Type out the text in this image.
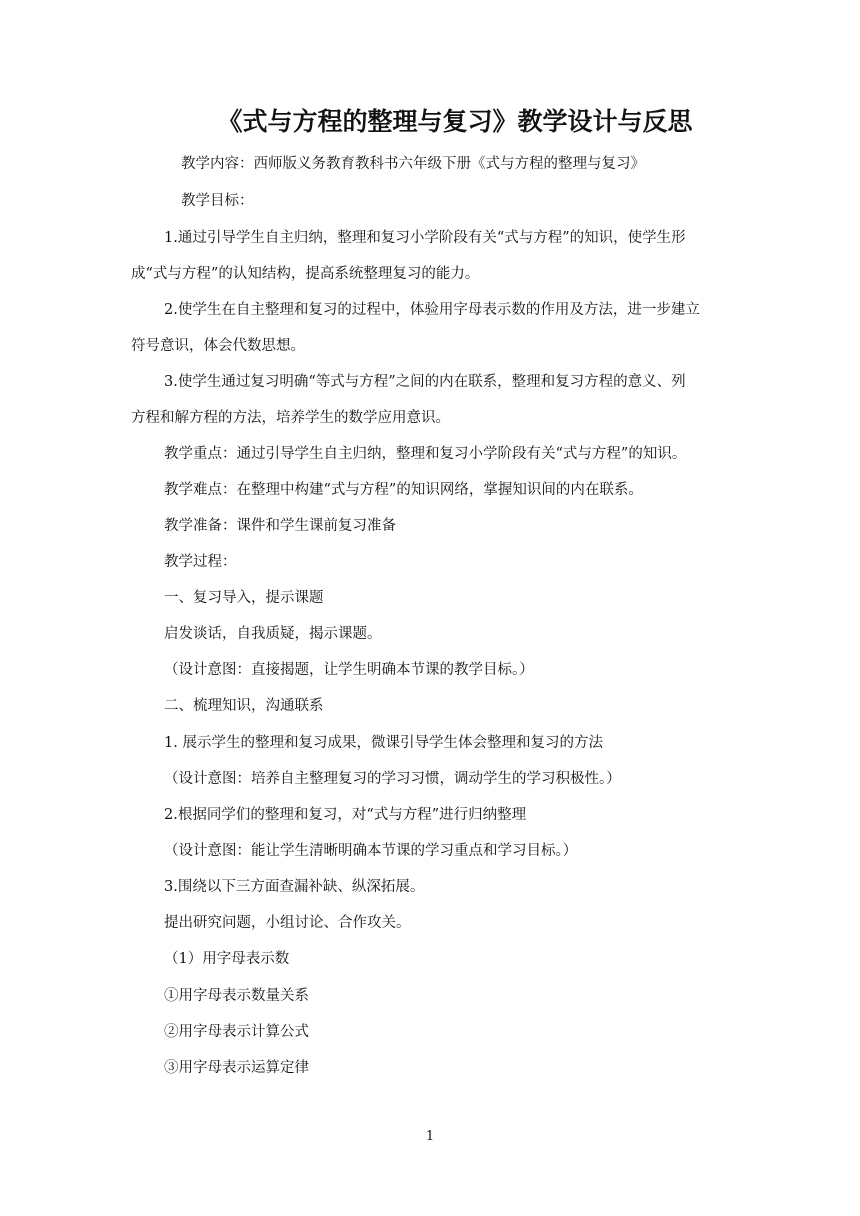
《式与方程的整理与复习》教学设计与反思
教学内容：西师版义务教育教科书六年级下册《式与方程的整理与复习》
教学目标：
1.通过引导学生自主归纳，整理和复习小学阶段有关“式与方程”的知识，使学生形
成“式与方程”的认知结构，提高系统整理复习的能力。
2.使学生在自主整理和复习的过程中，体验用字母表示数的作用及方法，进一步建立
符号意识，体会代数思想。
3.使学生通过复习明确“等式与方程”之间的内在联系，整理和复习方程的意义、列
方程和解方程的方法，培养学生的数学应用意识。
教学重点：通过引导学生自主归纳，整理和复习小学阶段有关“式与方程”的知识。
教学难点：在整理中构建“式与方程”的知识网络，掌握知识间的内在联系。
教学准备：课件和学生课前复习准备
教学过程：
一、复习导入，提示课题
启发谈话，自我质疑，揭示课题。
（设计意图：直接揭题，让学生明确本节课的教学目标。）
二、梳理知识，沟通联系
1. 展示学生的整理和复习成果，微课引导学生体会整理和复习的方法
（设计意图：培养自主整理复习的学习习惯，调动学生的学习积极性。）
2.根据同学们的整理和复习，对“式与方程”进行归纳整理
（设计意图：能让学生清晰明确本节课的学习重点和学习目标。）
3.围绕以下三方面查漏补缺、纵深拓展。
提出研究问题，小组讨论、合作攻关。
（1）用字母表示数
①用字母表示数量关系
②用字母表示计算公式
③用字母表示运算定律
1
